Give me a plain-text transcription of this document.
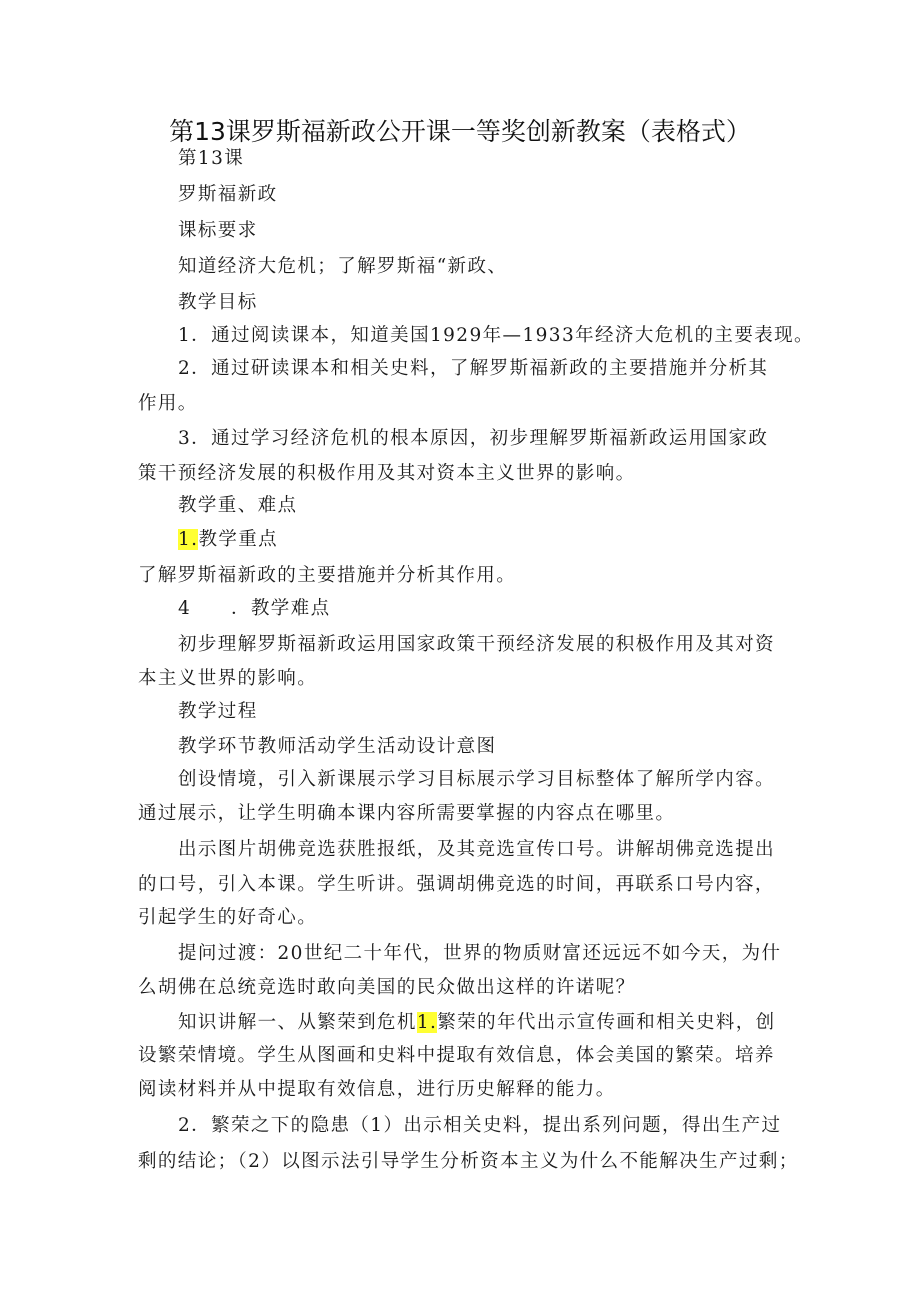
第13课罗斯福新政公开课一等奖创新教案（表格式）
第13课
罗斯福新政
课标要求
知道经济大危机；了解罗斯福“新政、
教学目标
1．通过阅读课本，知道美国1929年—1933年经济大危机的主要表现。
2．通过研读课本和相关史料，了解罗斯福新政的主要措施并分析其
作用。
3．通过学习经济危机的根本原因，初步理解罗斯福新政运用国家政
策干预经济发展的积极作用及其对资本主义世界的影响。
教学重、难点
1.教学重点
了解罗斯福新政的主要措施并分析其作用。
4　　．教学难点
初步理解罗斯福新政运用国家政策干预经济发展的积极作用及其对资
本主义世界的影响。
教学过程
教学环节教师活动学生活动设计意图
创设情境，引入新课展示学习目标展示学习目标整体了解所学内容。
通过展示，让学生明确本课内容所需要掌握的内容点在哪里。
出示图片胡佛竞选获胜报纸，及其竞选宣传口号。讲解胡佛竞选提出
的口号，引入本课。学生听讲。强调胡佛竞选的时间，再联系口号内容，
引起学生的好奇心。
提问过渡：20世纪二十年代，世界的物质财富还远远不如今天，为什
么胡佛在总统竞选时敢向美国的民众做出这样的许诺呢？
知识讲解一、从繁荣到危机1.繁荣的年代出示宣传画和相关史料，创
设繁荣情境。学生从图画和史料中提取有效信息，体会美国的繁荣。培养
阅读材料并从中提取有效信息，进行历史解释的能力。
2．繁荣之下的隐患（1）出示相关史料，提出系列问题，得出生产过
剩的结论；（2）以图示法引导学生分析资本主义为什么不能解决生产过剩；
